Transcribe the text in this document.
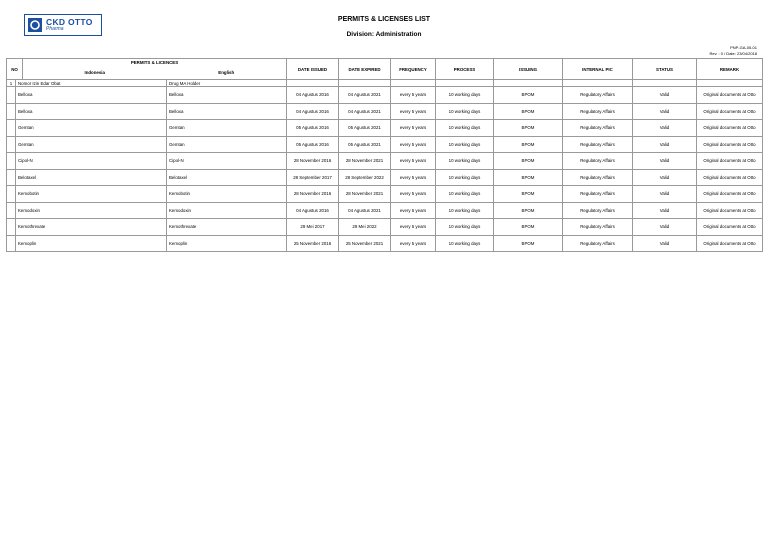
CKD OTTO
Pharma
PERMITS & LICENSES LIST
Division: Administration
PNP-GA-05-01
Rev. : 0 / Date: 23/04/2018
NO		PERMITS & LICENCES
Indonesia English		DATE ISSUED	DATE EXPIRED	FREQUENCY	PROCESS	ISSUING	INTERNAL PIC	STATUS	REMARK
1	Nomor Izin Edar Obat		Drug MA Holder								
	Belloxa		Belloxa	04 Agustus 2016	04 Agustus 2021	every 5 years	10 working days	BPOM	Regulatory Affairs	Valid	Original documents at Otto
	Belloxa		Belloxa	04 Agustus 2016	04 Agustus 2021	every 5 years	10 working days	BPOM	Regulatory Affairs	Valid	Original documents at Otto
	Gemtan		Gemtan	05 Agustus 2016	05 Agustus 2021	every 5 years	10 working days	BPOM	Regulatory Affairs	Valid	Original documents at Otto
	Gemtan		Gemtan	05 Agustus 2016	05 Agustus 2021	every 5 years	10 working days	BPOM	Regulatory Affairs	Valid	Original documents at Otto
	Cipol-N		Cipol-N	28 November 2016	28 November 2021	every 5 years	10 working days	BPOM	Regulatory Affairs	Valid	Original documents at Otto
	Belotaxel		Belotaxel	28 September 2017	28 September 2022	every 5 years	10 working days	BPOM	Regulatory Affairs	Valid	Original documents at Otto
	Kemobotin		Kemobotin	28 November 2016	28 November 2021	every 5 years	10 working days	BPOM	Regulatory Affairs	Valid	Original documents at Otto
	Kemodoxin		Kemodoxin	04 Agustus 2016	04 Agustus 2021	every 5 years	10 working days	BPOM	Regulatory Affairs	Valid	Original documents at Otto
	Kemothrexate		Kemothrexate	29 Mei 2017	29 Mei 2022	every 5 years	10 working days	BPOM	Regulatory Affairs	Valid	Original documents at Otto
	Kemoplin		Kemoplin	25 November 2016	25 November 2021	every 5 years	10 working days	BPOM	Regulatory Affairs	Valid	Original documents at Otto
